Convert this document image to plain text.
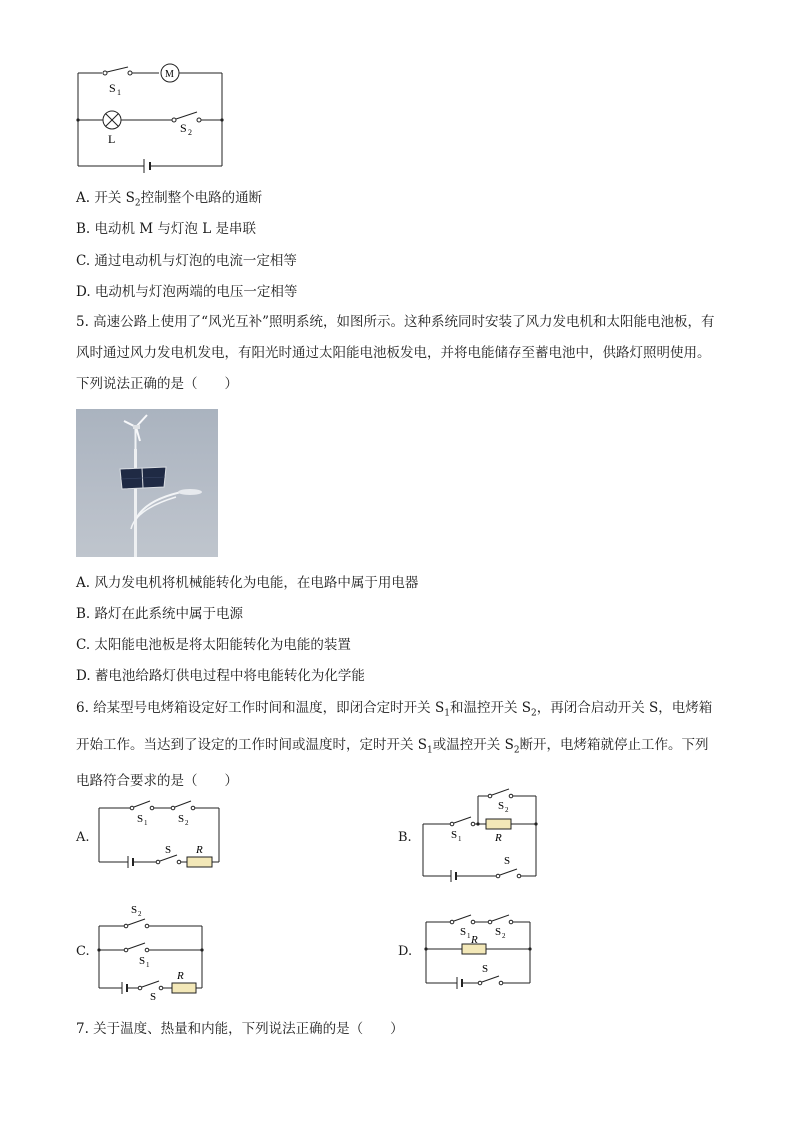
S 1
M
L
S 2
A. 开关 $S_2$控制整个电路的通断
B. 电动机 M 与灯泡 L 是串联
C. 通过电动机与灯泡的电流一定相等
D. 电动机与灯泡两端的电压一定相等
5. 高速公路上使用了“风光互补”照明系统，如图所示。这种系统同时安装了风力发电机和太阳能电池板，有风时通过风力发电机发电，有阳光时通过太阳能电池板发电，并将电能储存至蓄电池中，供路灯照明使用。下列说法正确的是（　　）
A. 风力发电机将机械能转化为电能，在电路中属于用电器
B. 路灯在此系统中属于电源
C. 太阳能电池板是将太阳能转化为电能的装置
D. 蓄电池给路灯供电过程中将电能转化为化学能
6. 给某型号电烤箱设定好工作时间和温度，即闭合定时开关 $S_1$和温控开关 $S_2$，再闭合启动开关 S，电烤箱开始工作。当达到了设定的工作时间或温度时，定时开关 $S_1$或温控开关 $S_2$断开，电烤箱就停止工作。下列电路符合要求的是（　　）
A.
S 1	S 2
S R
B.
S 2
S 1	R
S
C.
S 2
S 1
R
S
D.
S 1 S 2
R
S
7. 关于温度、热量和内能，下列说法正确的是（　　）
